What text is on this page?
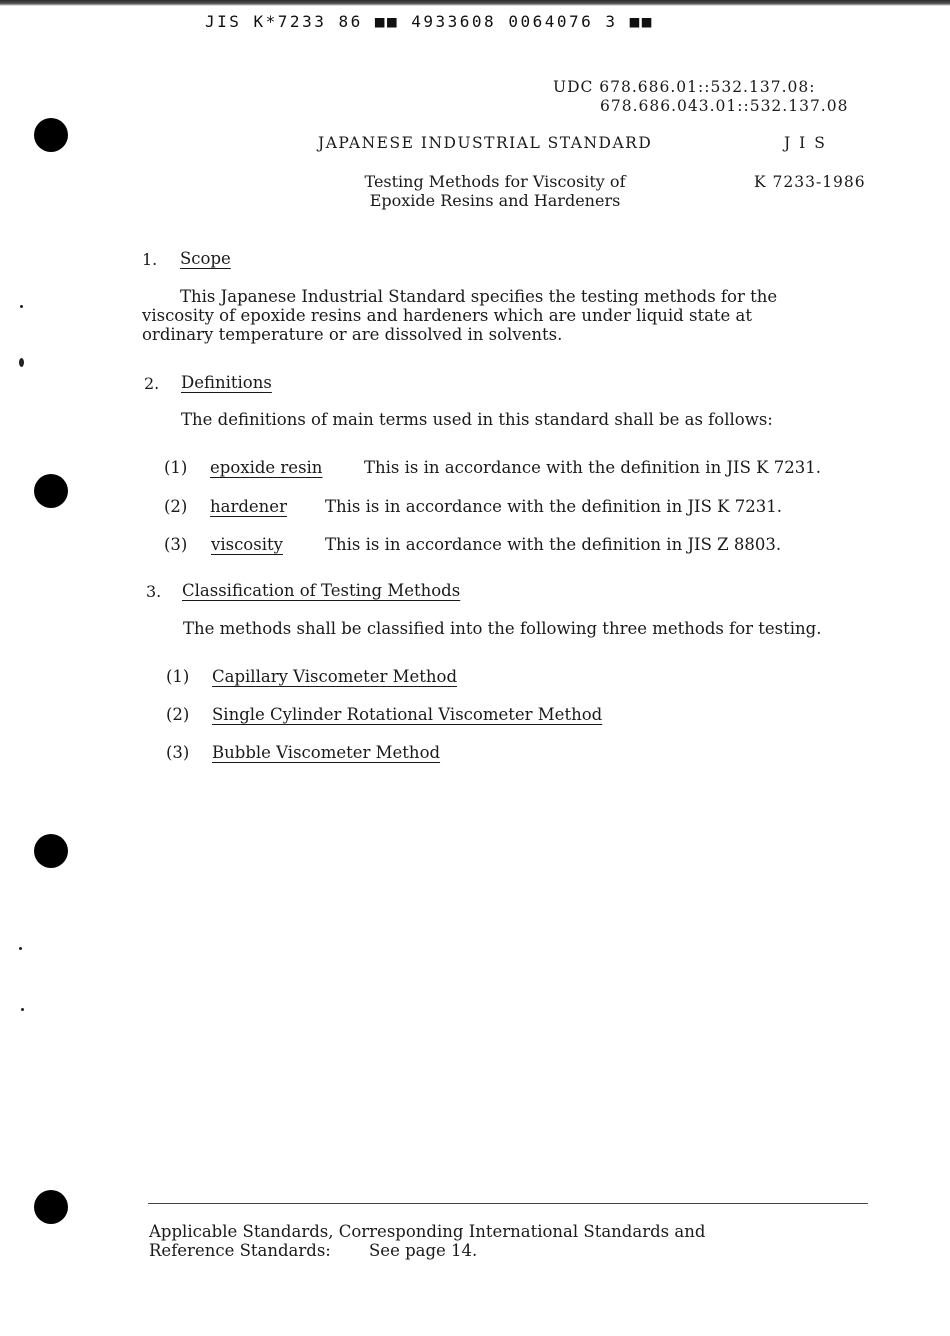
JIS K*7233 86 ■■ 4933608 0064076 3 ■■
UDC 678.686.01::532.137.08:
678.686.043.01::532.137.08
JAPANESE INDUSTRIAL STANDARD	J I S
Testing Methods for Viscosity of
Epoxide Resins and Hardeners
K 7233-1986
1. Scope
This Japanese Industrial Standard specifies the testing methods for the
viscosity of epoxide resins and hardeners which are under liquid state at
ordinary temperature or are dissolved in solvents.
2. Definitions
The definitions of main terms used in this standard shall be as follows:
(1) epoxide resin	This is in accordance with the definition in JIS K 7231.
(2) hardener This is in accordance with the definition in JIS K 7231.
(3) viscosity	This is in accordance with the definition in JIS Z 8803.
3. Classification of Testing Methods
The methods shall be classified into the following three methods for testing.
(1) Capillary Viscometer Method
(2) Single Cylinder Rotational Viscometer Method
(3) Bubble Viscometer Method
Applicable Standards, Corresponding International Standards and
Reference Standards: See page 14.
